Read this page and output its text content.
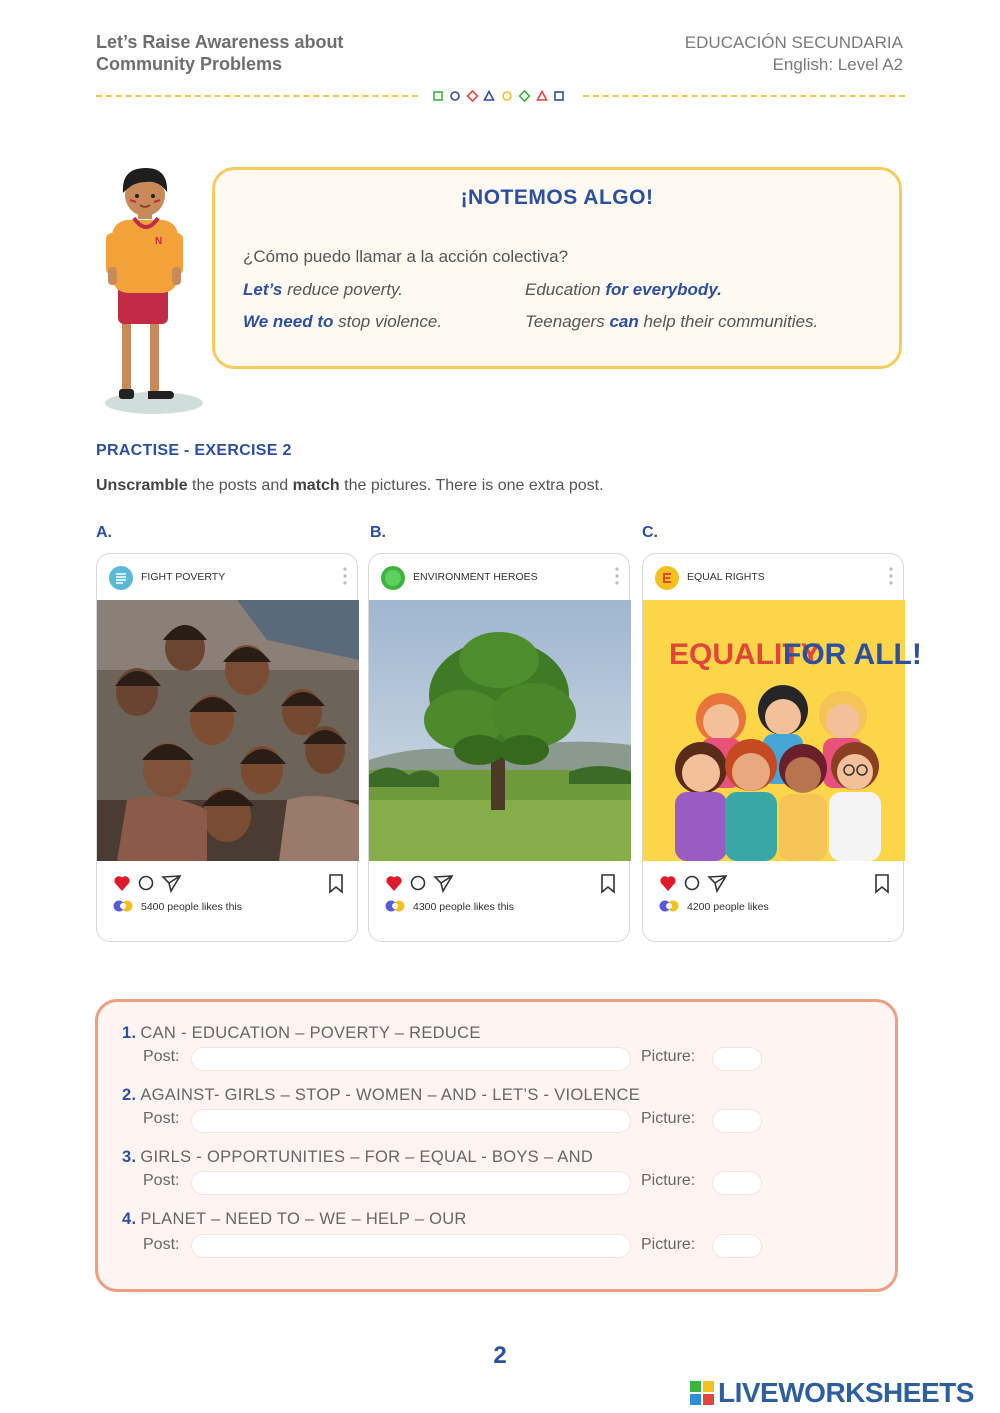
Let’s Raise Awareness about
Community Problems
EDUCACIÓN SECUNDARIA
English: Level A2
N
¡NOTEMOS ALGO!
¿Cómo puedo llamar a la acción colectiva?
Let’s reduce poverty.	Education for everybody.
We need to stop violence.	Teenagers can help their communities.
PRACTISE - EXERCISE 2
Unscramble the posts and match the pictures. There is one extra post.
A.	B.	C.
FIGHT POVERTY
5400 people likes this
ENVIRONMENT HEROES
4300 people likes this
EQUAL RIGHTS
EQUALITY
FOR ALL!
4200 people likes
1. CAN - EDUCATION – POVERTY – REDUCE
Post:	Picture:
2. AGAINST- GIRLS – STOP - WOMEN – AND - LET’S - VIOLENCE
Post:	Picture:
3. GIRLS - OPPORTUNITIES – FOR – EQUAL - BOYS – AND
Post:	Picture:
4. PLANET – NEED TO – WE – HELP – OUR
Post:	Picture:
2
LIVEWORKSHEETS
